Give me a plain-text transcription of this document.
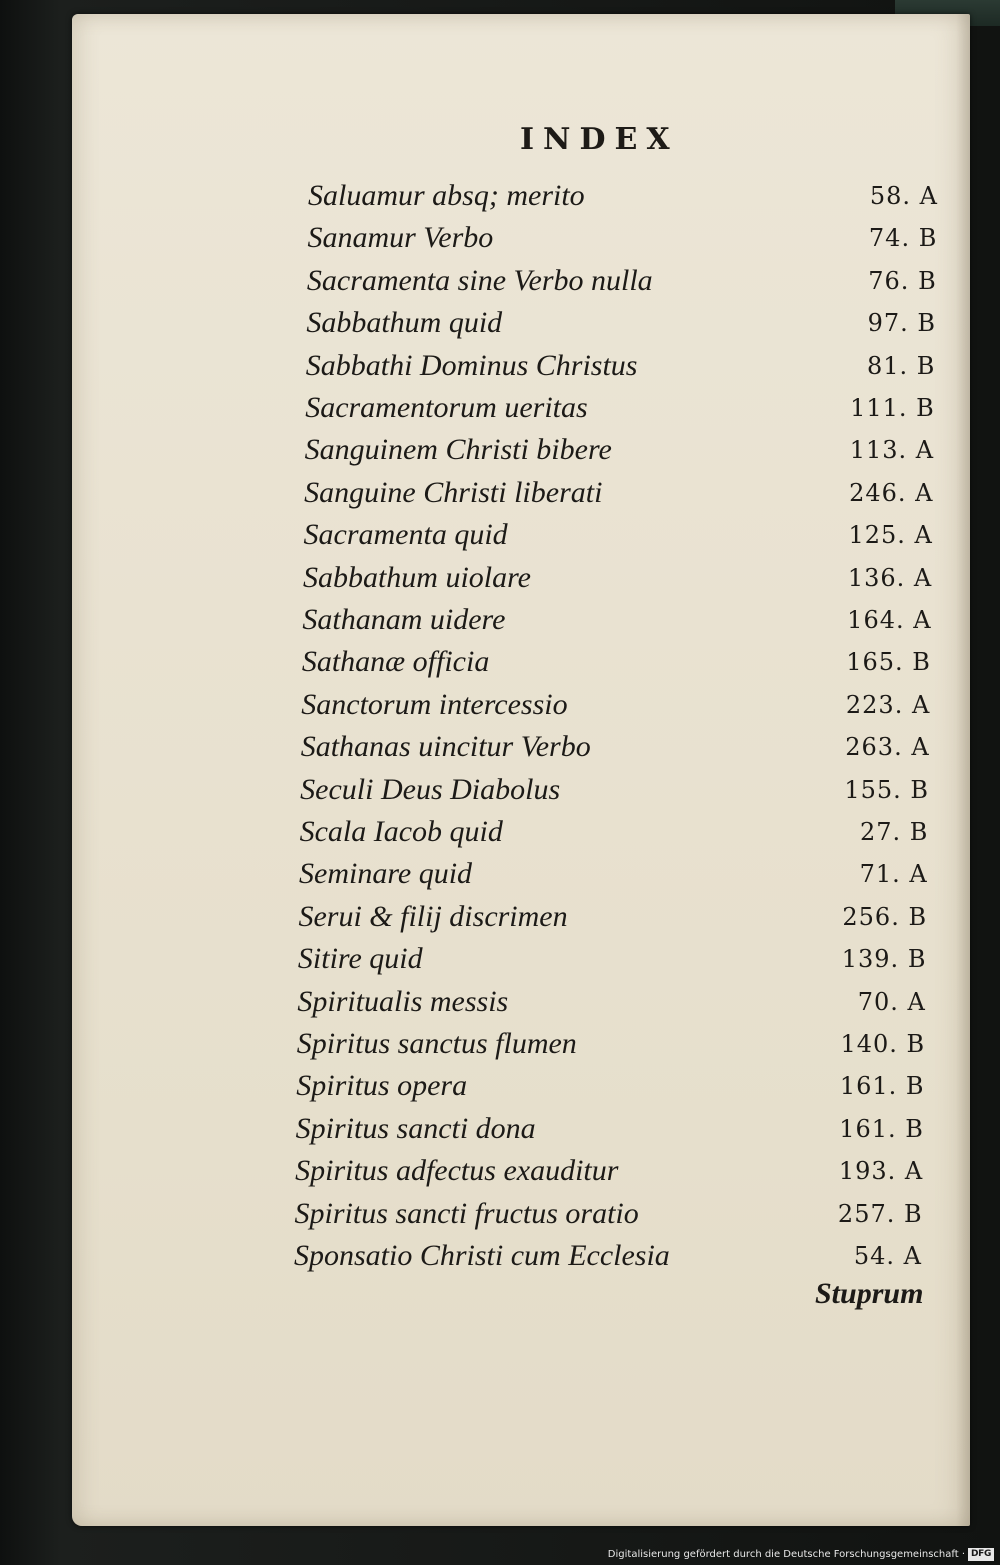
INDEX
Saluamur absq; merito	58. A
Sanamur Verbo	74. B
Sacramenta sine Verbo nulla	76. B
Sabbathum quid	97. B
Sabbathi Dominus Christus	81. B
Sacramentorum ueritas	111. B
Sanguinem Christi bibere	113. A
Sanguine Christi liberati	246. A
Sacramenta quid	125. A
Sabbathum uiolare	136. A
Sathanam uidere	164. A
Sathanæ officia	165. B
Sanctorum intercessio	223. A
Sathanas uincitur Verbo	263. A
Seculi Deus Diabolus	155. B
Scala Iacob quid	27. B
Seminare quid	71. A
Serui & filij discrimen	256. B
Sitire quid	139. B
Spiritualis messis	70. A
Spiritus sanctus flumen	140. B
Spiritus opera	161. B
Spiritus sancti dona	161. B
Spiritus adfectus exauditur	193. A
Spiritus sancti fructus oratio	257. B
Sponsatio Christi cum Ecclesia	54. A
Stuprum
Digitalisierung gefördert durch die Deutsche Forschungsgemeinschaft · DFG
